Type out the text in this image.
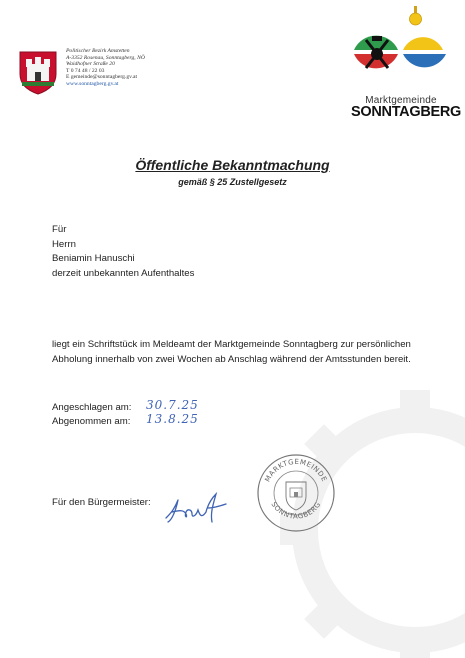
Politischer Bezirk Amstetten
A-3352 Rosenau, Sonntagberg, NÖ
Waidhofner Straße 20
T 0 74 48 / 22 03
E gemeinde@sonntagberg.gv.at
www.sonntagberg.gv.at
Marktgemeinde
SONNTAGBERG
Öffentliche Bekanntmachung
gemäß § 25 Zustellgesetz
Für
Herrn
Beniamin Hanuschi
derzeit unbekannten Aufenthaltes
liegt ein Schriftstück im Meldeamt der Marktgemeinde Sonntagberg zur persönlichen Abholung innerhalb von zwei Wochen ab Anschlag während der Amtsstunden bereit.
Angeschlagen am: 30.7.25
Abgenommen am: 13.8.25
Für den Bürgermeister:
MARKTGEMEINDE
SONNTAGBERG
